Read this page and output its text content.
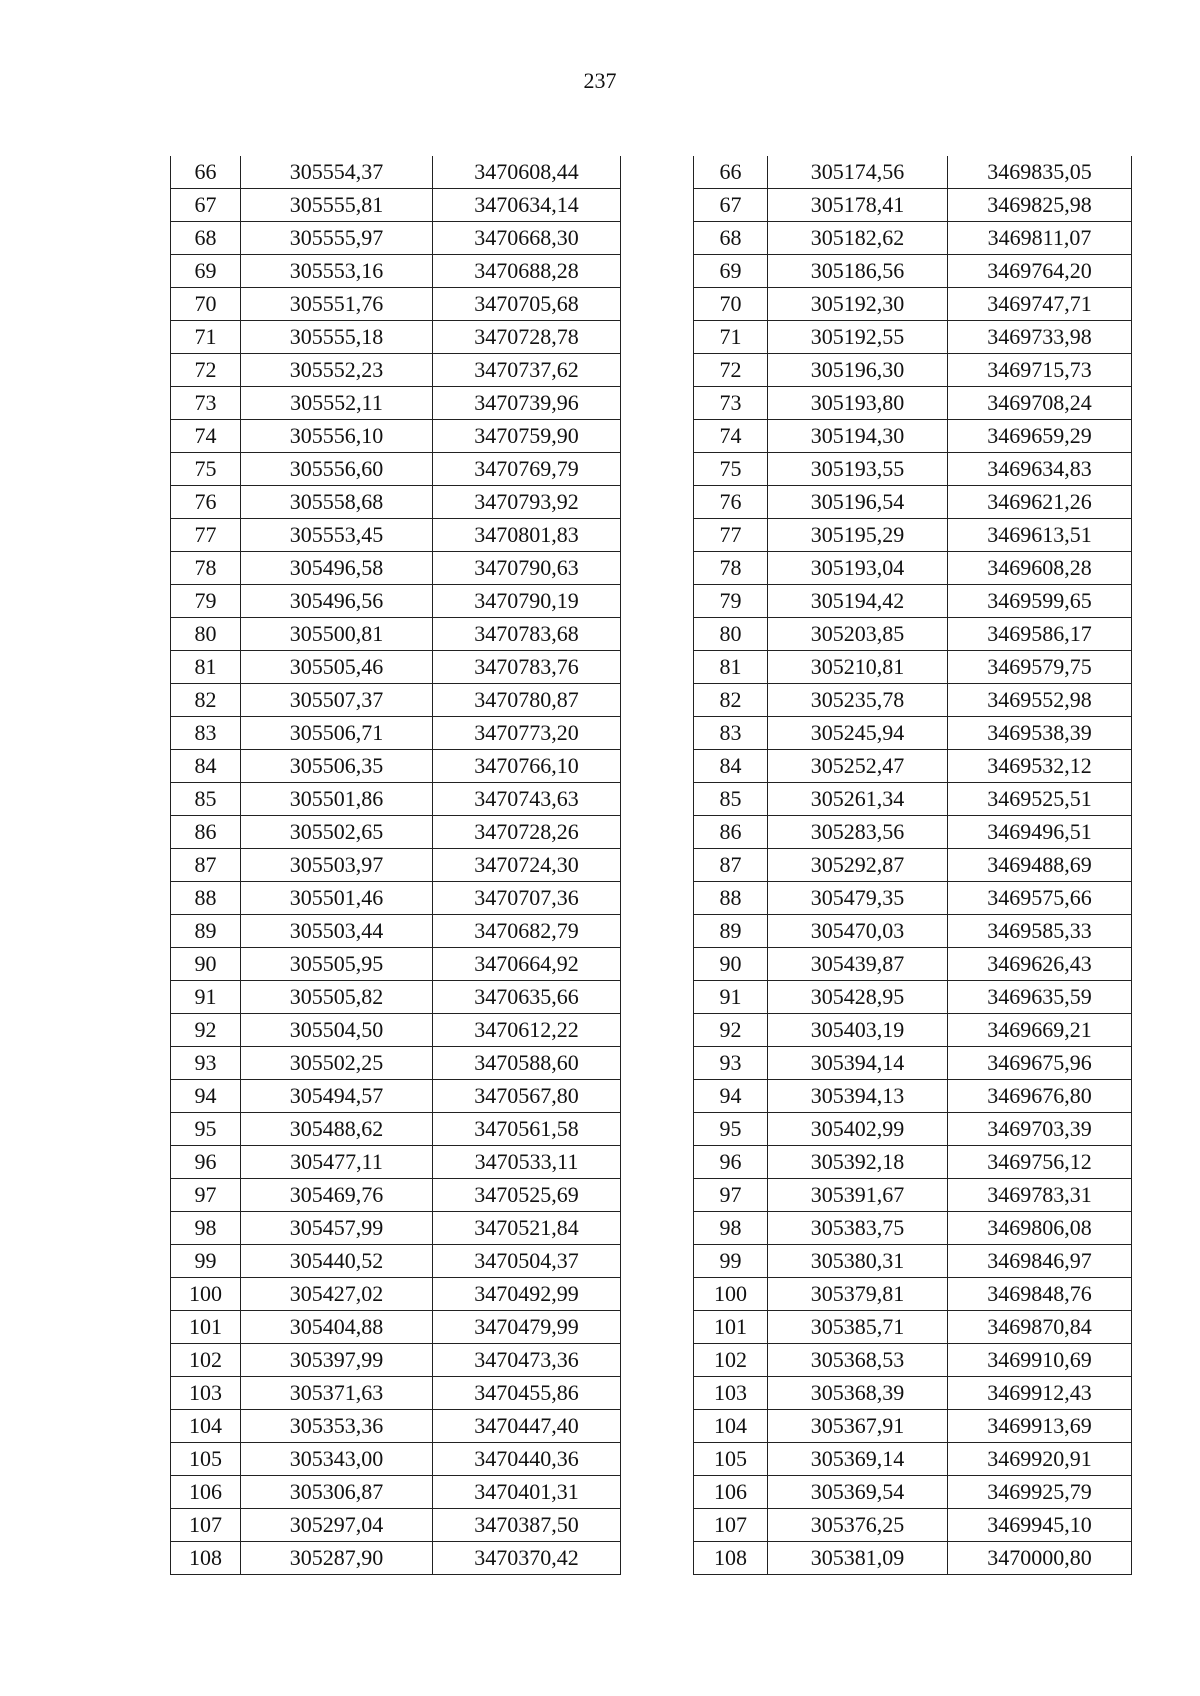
237
66	305554,37	3470608,44
67	305555,81	3470634,14
68	305555,97	3470668,30
69	305553,16	3470688,28
70	305551,76	3470705,68
71	305555,18	3470728,78
72	305552,23	3470737,62
73	305552,11	3470739,96
74	305556,10	3470759,90
75	305556,60	3470769,79
76	305558,68	3470793,92
77	305553,45	3470801,83
78	305496,58	3470790,63
79	305496,56	3470790,19
80	305500,81	3470783,68
81	305505,46	3470783,76
82	305507,37	3470780,87
83	305506,71	3470773,20
84	305506,35	3470766,10
85	305501,86	3470743,63
86	305502,65	3470728,26
87	305503,97	3470724,30
88	305501,46	3470707,36
89	305503,44	3470682,79
90	305505,95	3470664,92
91	305505,82	3470635,66
92	305504,50	3470612,22
93	305502,25	3470588,60
94	305494,57	3470567,80
95	305488,62	3470561,58
96	305477,11	3470533,11
97	305469,76	3470525,69
98	305457,99	3470521,84
99	305440,52	3470504,37
100	305427,02	3470492,99
101	305404,88	3470479,99
102	305397,99	3470473,36
103	305371,63	3470455,86
104	305353,36	3470447,40
105	305343,00	3470440,36
106	305306,87	3470401,31
107	305297,04	3470387,50
108	305287,90	3470370,42
66	305174,56	3469835,05
67	305178,41	3469825,98
68	305182,62	3469811,07
69	305186,56	3469764,20
70	305192,30	3469747,71
71	305192,55	3469733,98
72	305196,30	3469715,73
73	305193,80	3469708,24
74	305194,30	3469659,29
75	305193,55	3469634,83
76	305196,54	3469621,26
77	305195,29	3469613,51
78	305193,04	3469608,28
79	305194,42	3469599,65
80	305203,85	3469586,17
81	305210,81	3469579,75
82	305235,78	3469552,98
83	305245,94	3469538,39
84	305252,47	3469532,12
85	305261,34	3469525,51
86	305283,56	3469496,51
87	305292,87	3469488,69
88	305479,35	3469575,66
89	305470,03	3469585,33
90	305439,87	3469626,43
91	305428,95	3469635,59
92	305403,19	3469669,21
93	305394,14	3469675,96
94	305394,13	3469676,80
95	305402,99	3469703,39
96	305392,18	3469756,12
97	305391,67	3469783,31
98	305383,75	3469806,08
99	305380,31	3469846,97
100	305379,81	3469848,76
101	305385,71	3469870,84
102	305368,53	3469910,69
103	305368,39	3469912,43
104	305367,91	3469913,69
105	305369,14	3469920,91
106	305369,54	3469925,79
107	305376,25	3469945,10
108	305381,09	3470000,80
